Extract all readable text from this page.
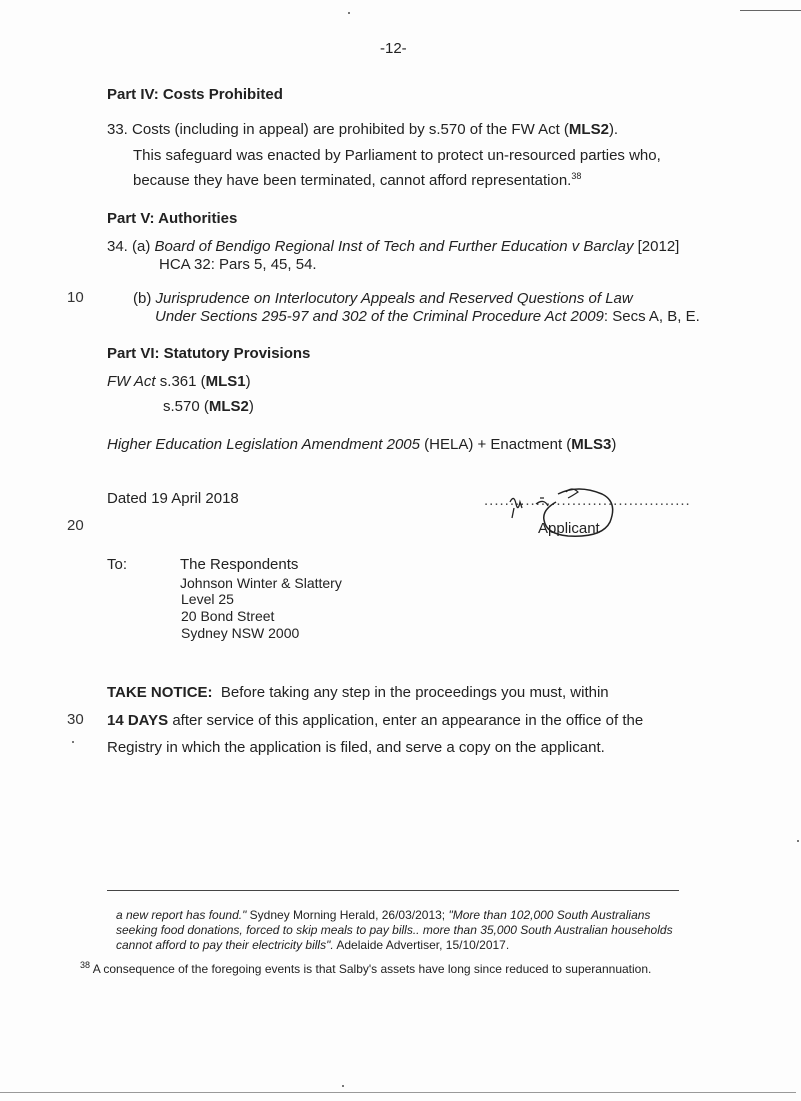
-12-
Part IV: Costs Prohibited
33. Costs (including in appeal) are prohibited by s.570 of the FW Act (MLS2).
This safeguard was enacted by Parliament to protect un-resourced parties who,
because they have been terminated, cannot afford representation.$^{38}$
Part V: Authorities
34. (a) Board of Bendigo Regional Inst of Tech and Further Education v Barclay [2012]
HCA 32: Pars 5, 45, 54.
10	(b) Jurisprudence on Interlocutory Appeals and Reserved Questions of Law
Under Sections 295-97 and 302 of the Criminal Procedure Act 2009: Secs A, B, E.
Part VI: Statutory Provisions
FW Act s.361 (MLS1)
s.570 (MLS2)
Higher Education Legislation Amendment 2005 (HELA) + Enactment (MLS3)
Dated 19 April 2018
20
........................................
Applicant
To:	The Respondents
Johnson Winter & Slattery
Level 25
20 Bond Street
Sydney NSW 2000
TAKE NOTICE: Before taking any step in the proceedings you must, within
30 14 DAYS after service of this application, enter an appearance in the office of the
Registry in which the application is filed, and serve a copy on the applicant.
a new report has found." Sydney Morning Herald, 26/03/2013; "More than 102,000 South Australians
seeking food donations, forced to skip meals to pay bills.. more than 35,000 South Australian households
cannot afford to pay their electricity bills". Adelaide Advertiser, 15/10/2017.
$^{38}$ A consequence of the foregoing events is that Salby's assets have long since reduced to superannuation.
